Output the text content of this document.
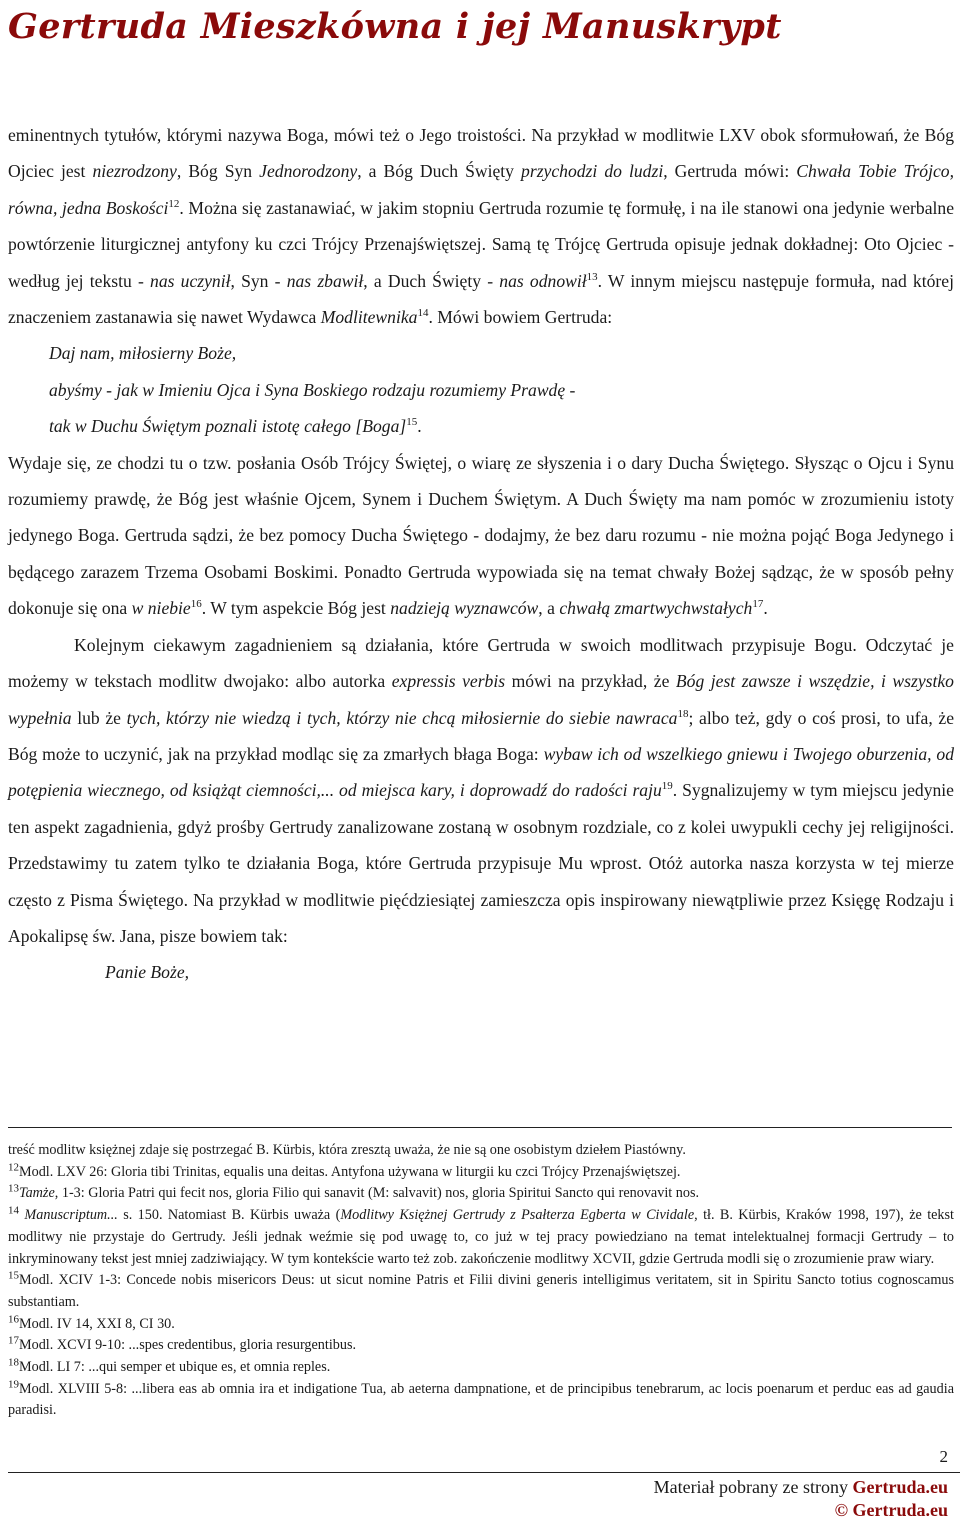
Gertruda Mieszkówna i jej Manuskrypt

eminentnych tytułów, którymi nazywa Boga, mówi też o Jego troistości. Na przykład w modlitwie LXV obok sformułowań, że Bóg Ojciec jest niezrodzony, Bóg Syn Jednorodzony, a Bóg Duch Święty przychodzi do ludzi, Gertruda mówi: Chwała Tobie Trójco, równa, jedna Boskości$^{12}$. Można się zastanawiać, w jakim stopniu Gertruda rozumie tę formułę, i na ile stanowi ona jedynie werbalne powtórzenie liturgicznej antyfony ku czci Trójcy Przenajświętszej. Samą tę Trójcę Gertruda opisuje jednak dokładnej: Oto Ojciec - według jej tekstu - nas uczynił, Syn - nas zbawił, a Duch Święty - nas odnowił$^{13}$. W innym miejscu następuje formuła, nad której znaczeniem zastanawia się nawet Wydawca Modlitewnika$^{14}$. Mówi bowiem Gertruda:

Daj nam, miłosierny Boże,

abyśmy - jak w Imieniu Ojca i Syna Boskiego rodzaju rozumiemy Prawdę -

tak w Duchu Świętym poznali istotę całego [Boga]$^{15}$.

Wydaje się, ze chodzi tu o tzw. posłania Osób Trójcy Świętej, o wiarę ze słyszenia i o dary Ducha Świętego. Słysząc o Ojcu i Synu rozumiemy prawdę, że Bóg jest właśnie Ojcem, Synem i Duchem Świętym. A Duch Święty ma nam pomóc w zrozumieniu istoty jedynego Boga. Gertruda sądzi, że bez pomocy Ducha Świętego - dodajmy, że bez daru rozumu - nie można pojąć Boga Jedynego i będącego zarazem Trzema Osobami Boskimi. Ponadto Gertruda wypowiada się na temat chwały Bożej sądząc, że w sposób pełny dokonuje się ona w niebie$^{16}$. W tym aspekcie Bóg jest nadzieją wyznawców, a chwałą zmartwychwstałych$^{17}$.

Kolejnym ciekawym zagadnieniem są działania, które Gertruda w swoich modlitwach przypisuje Bogu. Odczytać je możemy w tekstach modlitw dwojako: albo autorka expressis verbis mówi na przykład, że Bóg jest zawsze i wszędzie, i wszystko wypełnia lub że tych, którzy nie wiedzą i tych, którzy nie chcą miłosiernie do siebie nawraca$^{18}$; albo też, gdy o coś prosi, to ufa, że Bóg może to uczynić, jak na przykład modląc się za zmarłych błaga Boga: wybaw ich od wszelkiego gniewu i Twojego oburzenia, od potępienia wiecznego, od książąt ciemności,... od miejsca kary, i doprowadź do radości raju$^{19}$. Sygnalizujemy w tym miejscu jedynie ten aspekt zagadnienia, gdyż prośby Gertrudy zanalizowane zostaną w osobnym rozdziale, co z kolei uwypukli cechy jej religijności. Przedstawimy tu zatem tylko te działania Boga, które Gertruda przypisuje Mu wprost. Otóż autorka nasza korzysta w tej mierze często z Pisma Świętego. Na przykład w modlitwie pięćdziesiątej zamieszcza opis inspirowany niewątpliwie przez Księgę Rodzaju i Apokalipsę św. Jana, pisze bowiem tak:

Panie Boże,

treść modlitw księżnej zdaje się postrzegać B. Kürbis, która zresztą uważa, że nie są one osobistym dziełem Piastówny.

$^{12}$Modl. LXV 26: Gloria tibi Trinitas, equalis una deitas. Antyfona używana w liturgii ku czci Trójcy Przenajświętszej.

$^{13}$Tamże, 1-3: Gloria Patri qui fecit nos, gloria Filio qui sanavit (M: salvavit) nos, gloria Spiritui Sancto qui renovavit nos.

$^{14}$ Manuscriptum... s. 150. Natomiast B. Kürbis uważa (Modlitwy Księżnej Gertrudy z Psałterza Egberta w Cividale, tł. B. Kürbis, Kraków 1998, 197), że tekst modlitwy nie przystaje do Gertrudy. Jeśli jednak weźmie się pod uwagę to, co już w tej pracy powiedziano na temat intelektualnej formacji Gertrudy – to inkryminowany tekst jest mniej zadziwiający. W tym kontekście warto też zob. zakończenie modlitwy XCVII, gdzie Gertruda modli się o zrozumienie praw wiary.

$^{15}$Modl. XCIV 1-3: Concede nobis misericors Deus: ut sicut nomine Patris et Filii divini generis intelligimus veritatem, sit in Spiritu Sancto totius cognoscamus substantiam.

$^{16}$Modl. IV 14, XXI 8, CI 30.

$^{17}$Modl. XCVI 9-10: ...spes credentibus, gloria resurgentibus.

$^{18}$Modl. LI 7: ...qui semper et ubique es, et omnia reples.

$^{19}$Modl. XLVIII 5-8: ...libera eas ab omnia ira et indigatione Tua, ab aeterna dampnatione, et de principibus tenebrarum, ac locis poenarum et perduc eas ad gaudia paradisi.

2
Materiał pobrany ze strony Gertruda.eu
© Gertruda.eu
